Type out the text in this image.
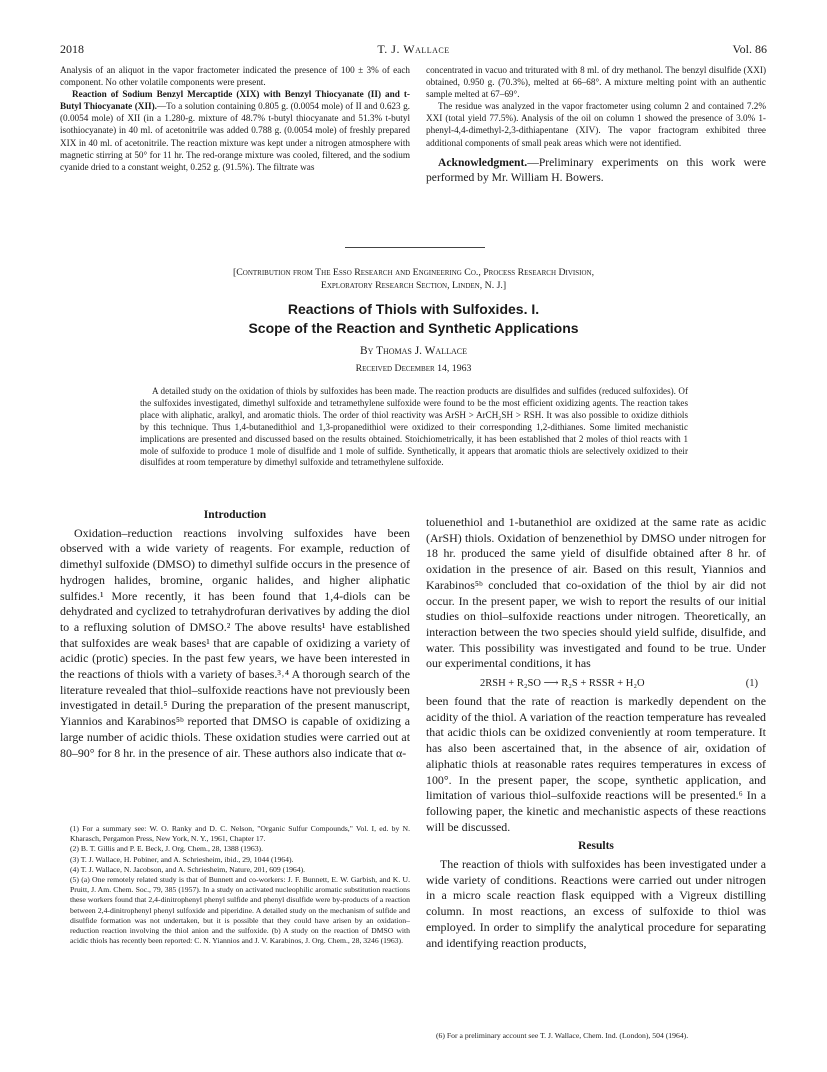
2018	T. J. Wallace	Vol. 86

Analysis of an aliquot in the vapor fractometer indicated the presence of 100 ± 3% of each component. No other volatile components were present.

Reaction of Sodium Benzyl Mercaptide (XIX) with Benzyl Thiocyanate (II) and t-Butyl Thiocyanate (XII).—To a solution containing 0.805 g. (0.0054 mole) of II and 0.623 g. (0.0054 mole) of XII (in a 1.280-g. mixture of 48.7% t-butyl thiocyanate and 51.3% t-butyl isothiocyanate) in 40 ml. of acetonitrile was added 0.788 g. (0.0054 mole) of freshly prepared XIX in 40 ml. of acetonitrile. The reaction mixture was kept under a nitrogen atmosphere with magnetic stirring at 50° for 11 hr. The red-orange mixture was cooled, filtered, and the sodium cyanide dried to a constant weight, 0.252 g. (91.5%). The filtrate was

concentrated in vacuo and triturated with 8 ml. of dry methanol. The benzyl disulfide (XXI) obtained, 0.950 g. (70.3%), melted at 66–68°. A mixture melting point with an authentic sample melted at 67–69°.

The residue was analyzed in the vapor fractometer using column 2 and contained 7.2% XXI (total yield 77.5%). Analysis of the oil on column 1 showed the presence of 3.0% 1-phenyl-4,4-dimethyl-2,3-dithiapentane (XIV). The vapor fractogram exhibited three additional components of small peak areas which were not identified.

Acknowledgment.—Preliminary experiments on this work were performed by Mr. William H. Bowers.

[Contribution from The Esso Research and Engineering Co., Process Research Division,
Exploratory Research Section, Linden, N. J.]
Reactions of Thiols with Sulfoxides. I.
Scope of the Reaction and Synthetic Applications
By Thomas J. Wallace
Received December 14, 1963

A detailed study on the oxidation of thiols by sulfoxides has been made. The reaction products are disulfides and sulfides (reduced sulfoxides). Of the sulfoxides investigated, dimethyl sulfoxide and tetramethylene sulfoxide were found to be the most efficient oxidizing agents. The reaction takes place with aliphatic, aralkyl, and aromatic thiols. The order of thiol reactivity was ArSH > ArCH₂SH > RSH. It was also possible to oxidize dithiols by this technique. Thus 1,4-butanedithiol and 1,3-propanedithiol were oxidized to their corresponding 1,2-dithianes. Some limited mechanistic implications are presented and discussed based on the results obtained. Stoichiometrically, it has been established that 2 moles of thiol reacts with 1 mole of sulfoxide to produce 1 mole of disulfide and 1 mole of sulfide. Synthetically, it appears that aromatic thiols are selectively oxidized to their disulfides at room temperature by dimethyl sulfoxide and tetramethylene sulfoxide.

Introduction

Oxidation–reduction reactions involving sulfoxides have been observed with a wide variety of reagents. For example, reduction of dimethyl sulfoxide (DMSO) to dimethyl sulfide occurs in the presence of hydrogen halides, bromine, organic halides, and higher aliphatic sulfides.¹ More recently, it has been found that 1,4-diols can be dehydrated and cyclized to tetrahydrofuran derivatives by adding the diol to a refluxing solution of DMSO.² The above results¹ have established that sulfoxides are weak bases¹ that are capable of oxidizing a variety of acidic (protic) species. In the past few years, we have been interested in the reactions of thiols with a variety of bases.³˒⁴ A thorough search of the literature revealed that thiol–sulfoxide reactions have not previously been investigated in detail.⁵ During the preparation of the present manuscript, Yiannios and Karabinos⁵ᵇ reported that DMSO is capable of oxidizing a large number of acidic thiols. These oxidation studies were carried out at 80–90° for 8 hr. in the presence of air. These authors also indicate that α-

(1) For a summary see: W. O. Ranky and D. C. Nelson, "Organic Sulfur Compounds," Vol. I, ed. by N. Kharasch, Pergamon Press, New York, N. Y., 1961, Chapter 17.

(2) B. T. Gillis and P. E. Beck, J. Org. Chem., 28, 1388 (1963).

(3) T. J. Wallace, H. Pobiner, and A. Schriesheim, ibid., 29, 1044 (1964).

(4) T. J. Wallace, N. Jacobson, and A. Schriesheim, Nature, 201, 609 (1964).

(5) (a) One remotely related study is that of Bunnett and co-workers: J. F. Bunnett, E. W. Garbish, and K. U. Pruitt, J. Am. Chem. Soc., 79, 385 (1957). In a study on activated nucleophilic aromatic substitution reactions these workers found that 2,4-dinitrophenyl phenyl sulfide and phenyl disulfide were by-products of a reaction between 2,4-dinitrophenyl phenyl sulfoxide and piperidine. A detailed study on the mechanism of sulfide and disulfide formation was not undertaken, but it is possible that they could have arisen by an oxidation–reduction reaction involving the thiol anion and the sulfoxide. (b) A study on the reaction of DMSO with acidic thiols has recently been reported: C. N. Yiannios and J. V. Karabinos, J. Org. Chem., 28, 3246 (1963).

toluenethiol and 1-butanethiol are oxidized at the same rate as acidic (ArSH) thiols. Oxidation of benzenethiol by DMSO under nitrogen for 18 hr. produced the same yield of disulfide obtained after 8 hr. of oxidation in the presence of air. Based on this result, Yiannios and Karabinos⁵ᵇ concluded that co-oxidation of the thiol by air did not occur. In the present paper, we wish to report the results of our initial studies on thiol–sulfoxide reactions under nitrogen. Theoretically, an interaction between the two species should yield sulfide, disulfide, and water. This possibility was investigated and found to be true. Under our experimental conditions, it has

2RSH + R₂SO ⟶ R₂S + RSSR + H₂O	(1)

been found that the rate of reaction is markedly dependent on the acidity of the thiol. A variation of the reaction temperature has revealed that acidic thiols can be oxidized conveniently at room temperature. It has also been ascertained that, in the absence of air, oxidation of aliphatic thiols at reasonable rates requires temperatures in excess of 100°. In the present paper, the scope, synthetic application, and limitation of various thiol–sulfoxide reactions will be presented.⁶ In a following paper, the kinetic and mechanistic aspects of these reactions will be discussed.

Results

The reaction of thiols with sulfoxides has been investigated under a wide variety of conditions. Reactions were carried out under nitrogen in a micro scale reaction flask equipped with a Vigreux distilling column. In most reactions, an excess of sulfoxide to thiol was employed. In order to simplify the analytical procedure for separating and identifying reaction products,

(6) For a preliminary account see T. J. Wallace, Chem. Ind. (London), 504 (1964).
